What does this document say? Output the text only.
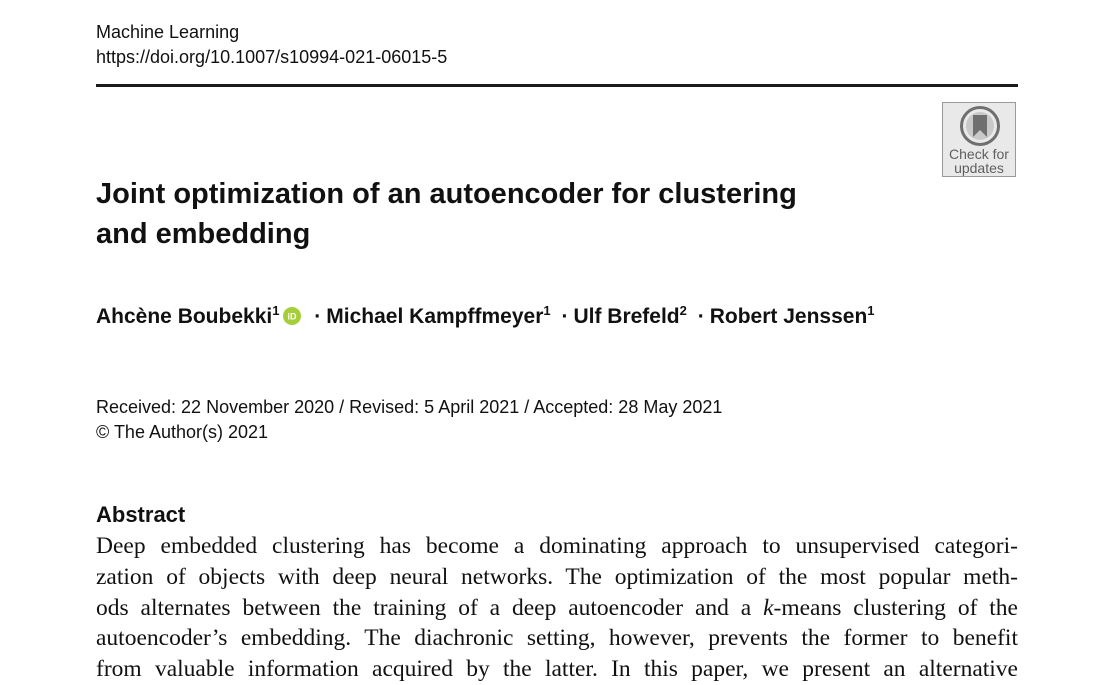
Machine Learning
https://doi.org/10.1007/s10994-021-06015-5
Check for
updates
Joint optimization of an autoencoder for clustering
and embedding
Ahcène Boubekki$^1$ iD · Michael Kampffmeyer$^1$ · Ulf Brefeld$^2$ · Robert Jenssen$^1$
Received: 22 November 2020 / Revised: 5 April 2021 / Accepted: 28 May 2021
© The Author(s) 2021
Abstract
Deep embedded clustering has become a dominating approach to unsupervised categori-
zation of objects with deep neural networks. The optimization of the most popular meth-
ods alternates between the training of a deep autoencoder and a k-means clustering of the
autoencoder’s embedding. The diachronic setting, however, prevents the former to benefit
from valuable information acquired by the latter. In this paper, we present an alternative
